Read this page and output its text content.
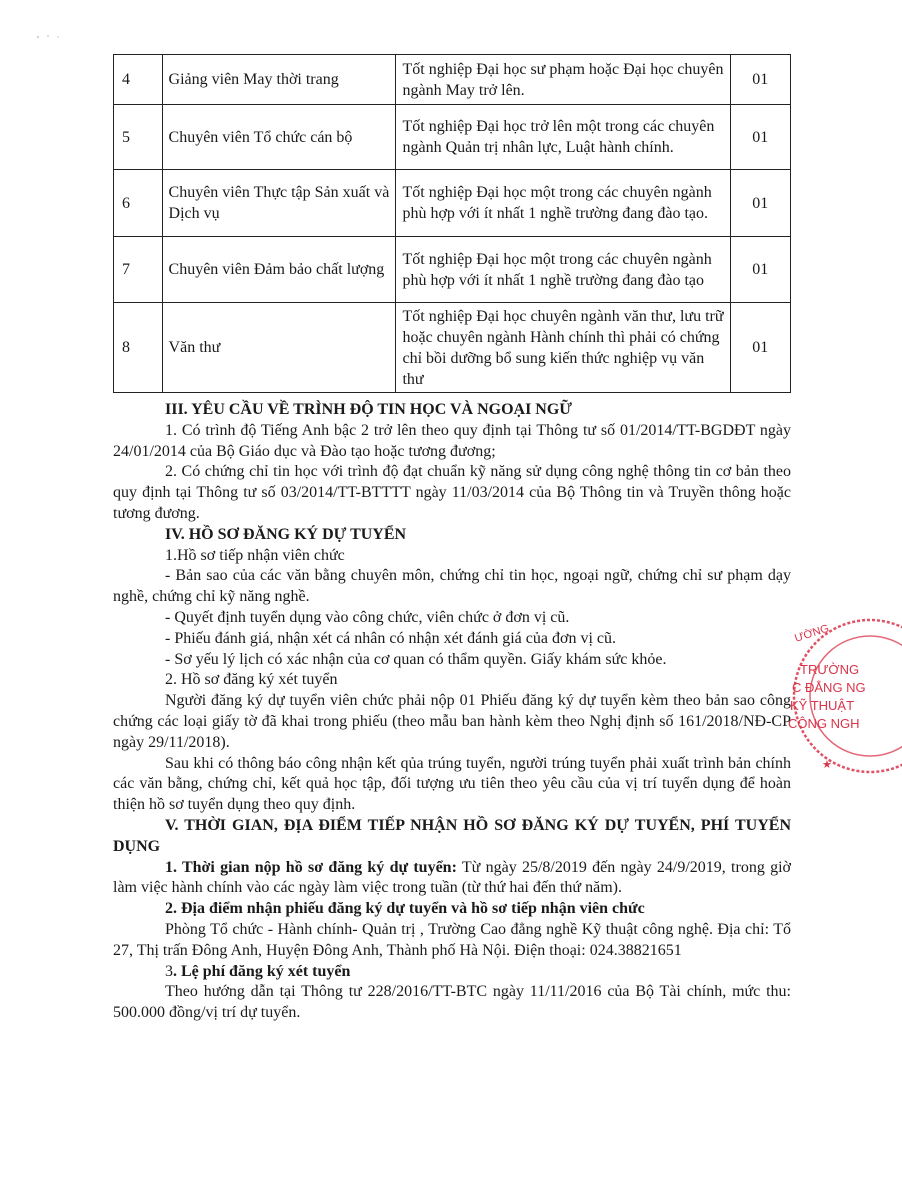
4	Giảng viên May thời trang	Tốt nghiệp Đại học sư phạm hoặc Đại học chuyên ngành May trở lên.	01
5	Chuyên viên Tổ chức cán bộ	Tốt nghiệp Đại học trở lên một trong các chuyên ngành Quản trị nhân lực, Luật hành chính.	01
6	Chuyên viên Thực tập Sản xuất và Dịch vụ	Tốt nghiệp Đại học một trong các chuyên ngành phù hợp với ít nhất 1 nghề trường đang đào tạo.	01
7	Chuyên viên Đảm bảo chất lượng	Tốt nghiệp Đại học một trong các chuyên ngành phù hợp với ít nhất 1 nghề trường đang đào tạo	01
8	Văn thư	Tốt nghiệp Đại học chuyên ngành văn thư, lưu trữ hoặc chuyên ngành Hành chính thì phải có chứng chỉ bồi dưỡng bổ sung kiến thức nghiệp vụ văn thư	01

III. YÊU CẦU VỀ TRÌNH ĐỘ TIN HỌC VÀ NGOẠI NGỮ

1. Có trình độ Tiếng Anh bậc 2 trở lên theo quy định tại Thông tư số 01/2014/TT-BGDĐT ngày 24/01/2014 của Bộ Giáo dục và Đào tạo hoặc tương đương;

2. Có chứng chỉ tin học với trình độ đạt chuẩn kỹ năng sử dụng công nghệ thông tin cơ bản theo quy định tại Thông tư số 03/2014/TT-BTTTT ngày 11/03/2014 của Bộ Thông tin và Truyền thông hoặc tương đương.

IV. HỒ SƠ ĐĂNG KÝ DỰ TUYỂN

1.Hồ sơ tiếp nhận viên chức

- Bản sao của các văn bằng chuyên môn, chứng chỉ tin học, ngoại ngữ, chứng chỉ sư phạm dạy nghề, chứng chỉ kỹ năng nghề.

- Quyết định tuyển dụng vào công chức, viên chức ở đơn vị cũ.

- Phiếu đánh giá, nhận xét cá nhân có nhận xét đánh giá của đơn vị cũ.

- Sơ yếu lý lịch có xác nhận của cơ quan có thẩm quyền. Giấy khám sức khỏe.

2. Hồ sơ đăng ký xét tuyển

Người đăng ký dự tuyển viên chức phải nộp 01 Phiếu đăng ký dự tuyển kèm theo bản sao công chứng các loại giấy tờ đã khai trong phiếu (theo mẫu ban hành kèm theo Nghị định số 161/2018/NĐ-CP ngày 29/11/2018).

Sau khi có thông báo công nhận kết qủa trúng tuyển, người trúng tuyển phải xuất trình bản chính các văn bằng, chứng chỉ, kết quả học tập, đối tượng ưu tiên theo yêu cầu của vị trí tuyển dụng để hoàn thiện hồ sơ tuyển dụng theo quy định.

V. THỜI GIAN, ĐỊA ĐIỂM TIẾP NHẬN HỒ SƠ ĐĂNG KÝ DỰ TUYỂN, PHÍ TUYỂN DỤNG

1. Thời gian nộp hồ sơ đăng ký dự tuyển: Từ ngày 25/8/2019 đến ngày 24/9/2019, trong giờ làm việc hành chính vào các ngày làm việc trong tuần (từ thứ hai đến thứ năm).

2. Địa điểm nhận phiếu đăng ký dự tuyển và hồ sơ tiếp nhận viên chức

Phòng Tổ chức - Hành chính- Quản trị , Trường Cao đẳng nghề Kỹ thuật công nghệ. Địa chỉ: Tổ 27, Thị trấn Đông Anh, Huyện Đông Anh, Thành phố Hà Nội. Điện thoại: 024.38821651

3. Lệ phí đăng ký xét tuyển

Theo hướng dẫn tại Thông tư 228/2016/TT-BTC ngày 11/11/2016 của Bộ Tài chính, mức thu: 500.000 đồng/vị trí dự tuyển.

ƯỜNG
TRƯỜNG
C ĐẲNG NG
KỸ THUẬT
CÔNG NGH
★
